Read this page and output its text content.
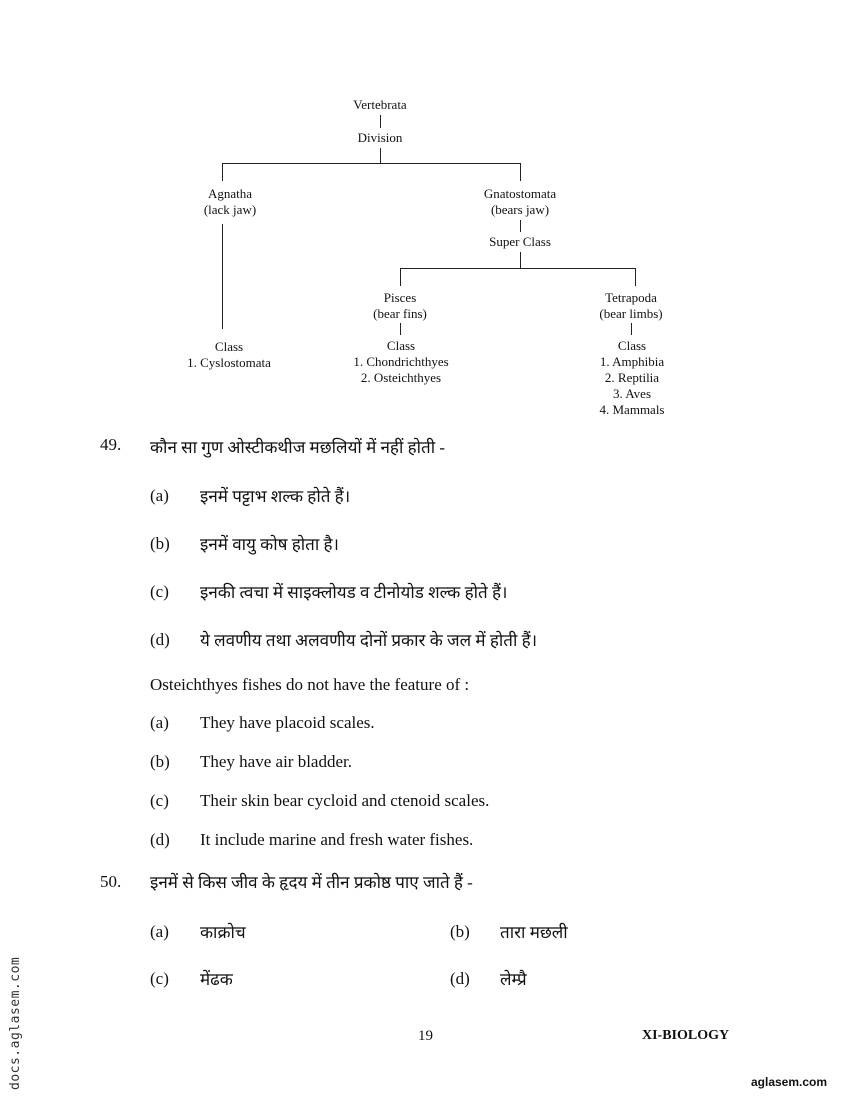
Vertebrata
Division
Agnatha
(lack jaw)
Class
1. Cyslostomata
Gnatostomata
(bears jaw)
Super Class
Pisces
(bear fins)
Class
1. Chondrichthyes
2. Osteichthyes
Tetrapoda
(bear limbs)
Class
1. Amphibia
2. Reptilia
3. Aves
4. Mammals
49. कौन सा गुण ओस्टीकथीज मछलियों में नहीं होती -
(a) इनमें पट्टाभ शल्क होते हैं।
(b) इनमें वायु कोष होता है।
(c) इनकी त्वचा में साइक्लोयड व टीनोयोड शल्क होते हैं।
(d) ये लवणीय तथा अलवणीय दोनों प्रकार के जल में होती हैं।
Osteichthyes fishes do not have the feature of :
(a) They have placoid scales.
(b) They have air bladder.
(c) Their skin bear cycloid and ctenoid scales.
(d) It include marine and fresh water fishes.
50. इनमें से किस जीव के हृदय में तीन प्रकोष्ठ पाए जाते हैं -
(a) काक्रोच	(b) तारा मछली
(c) मेंढक	(d) लेम्प्रै
19	XI-BIOLOGY
aglasem.com
docs.aglasem.com
